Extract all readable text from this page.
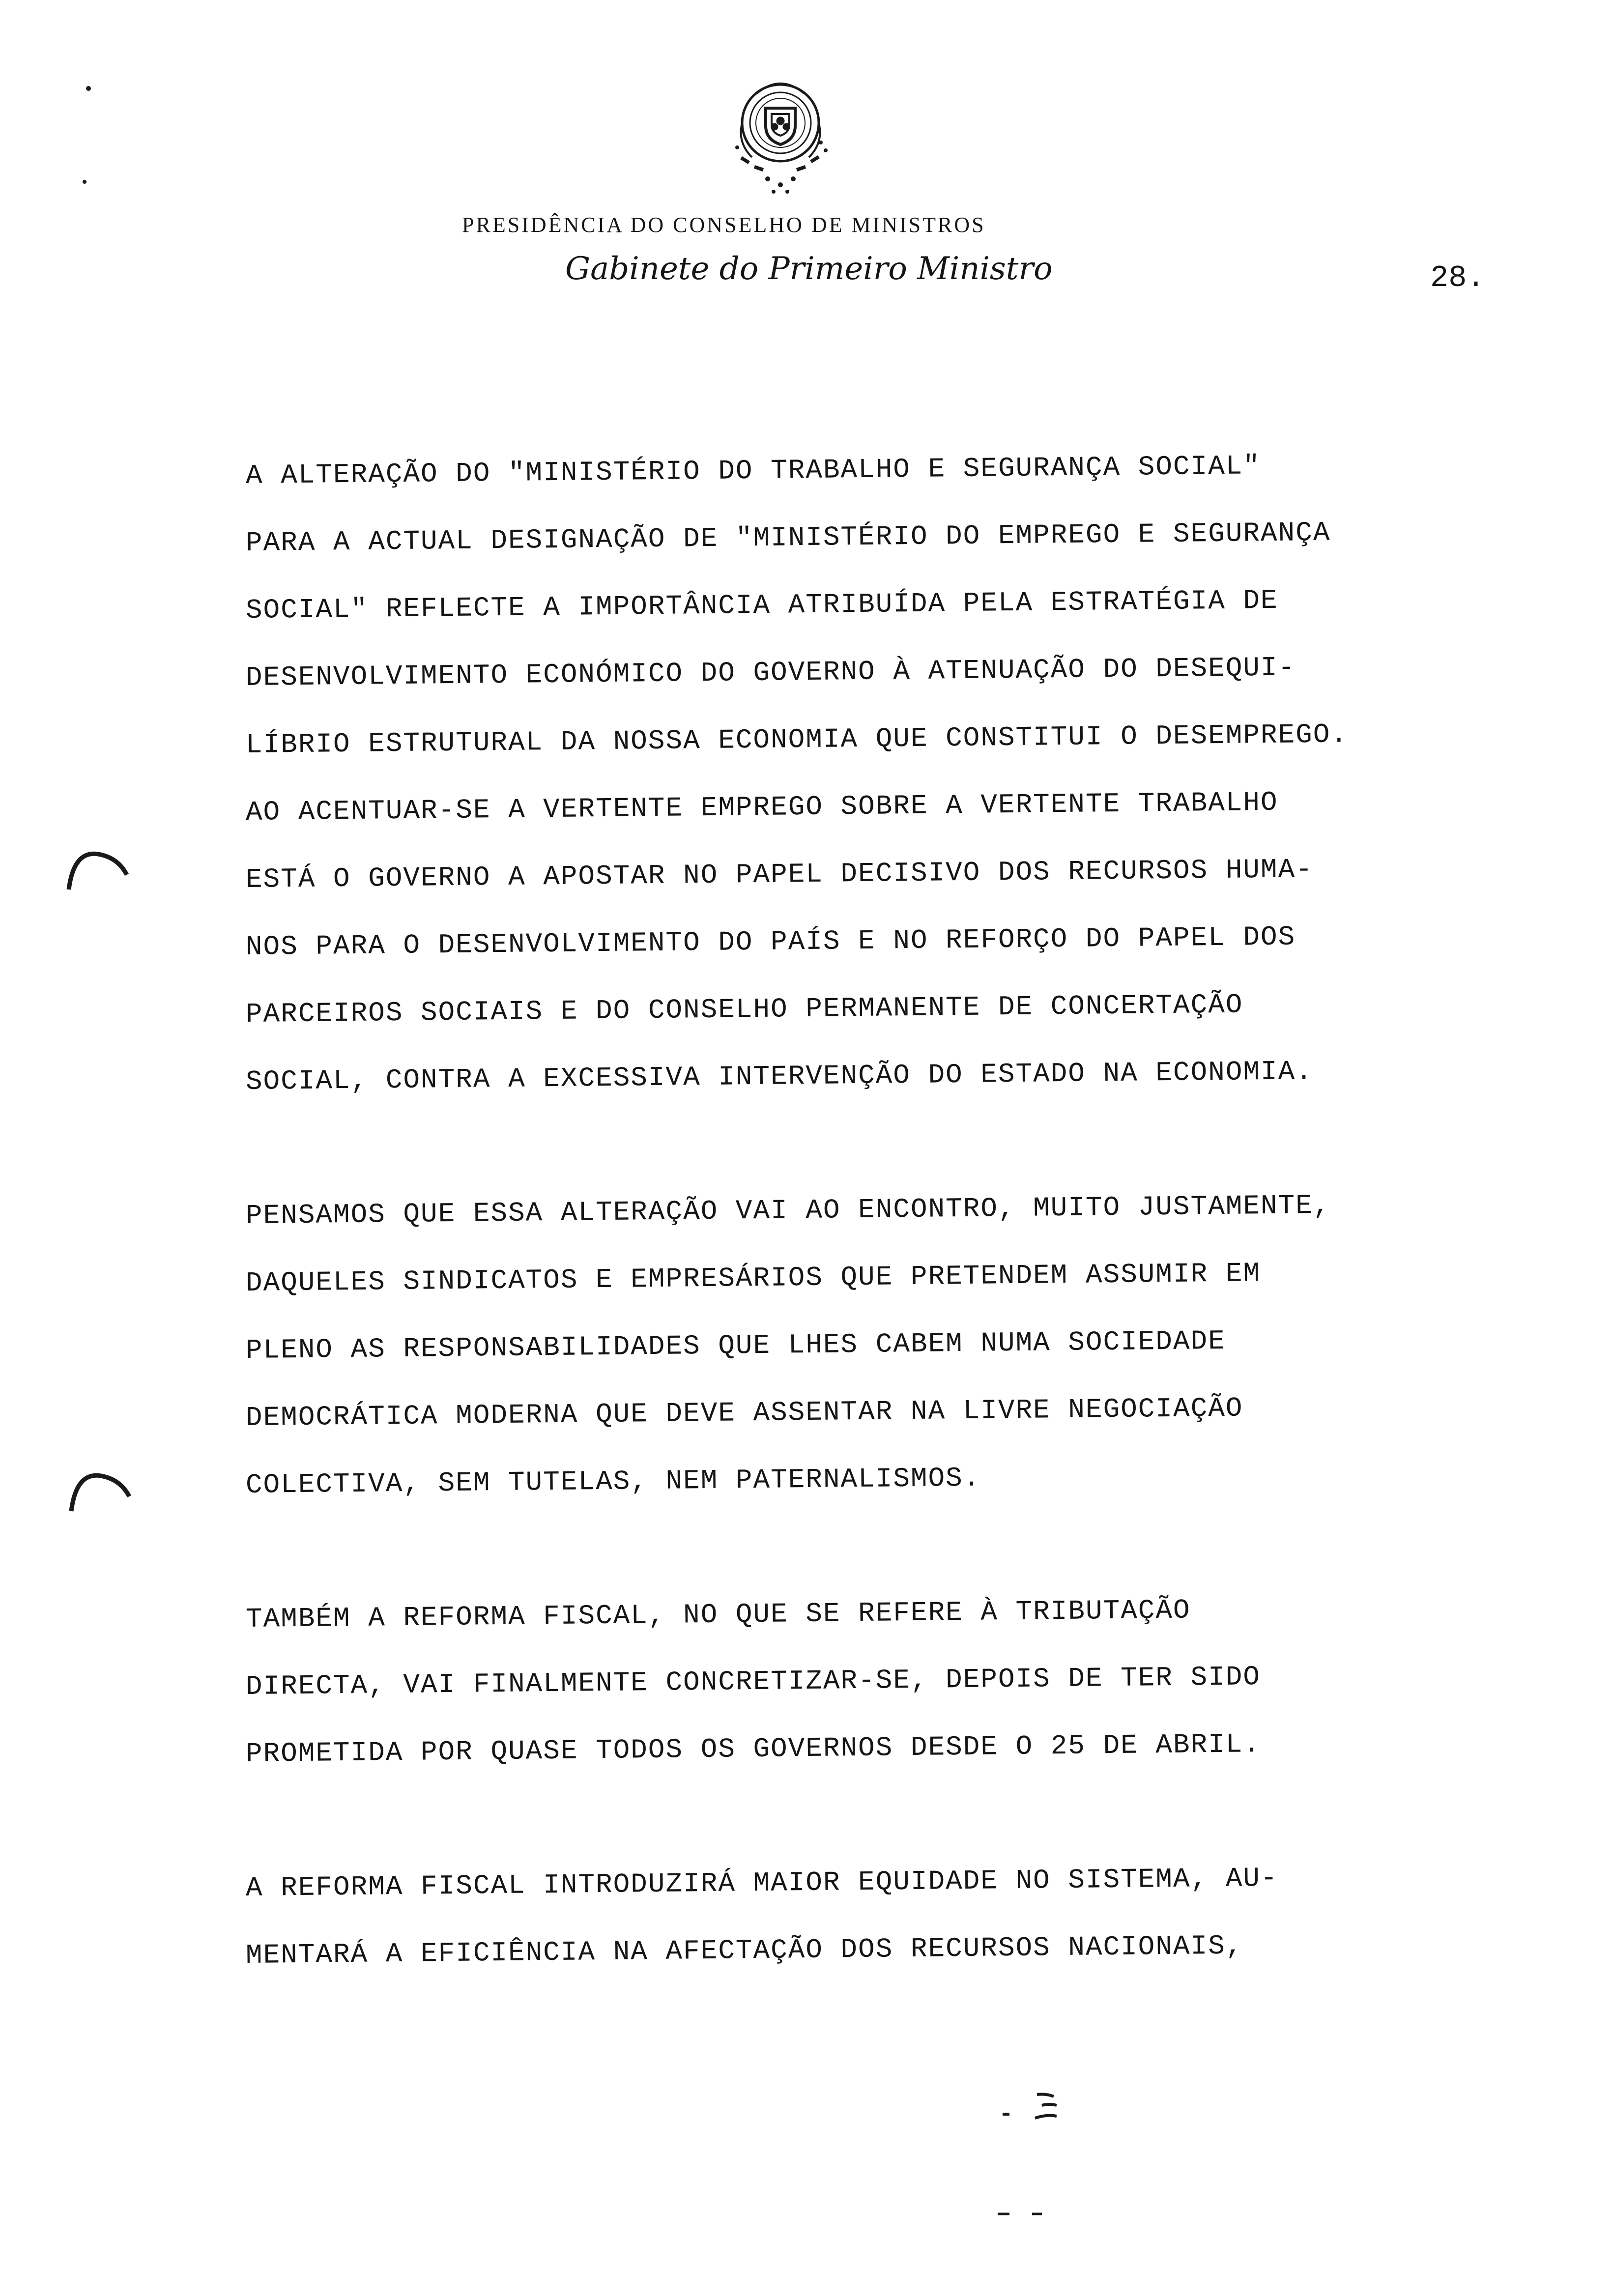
PRESIDÊNCIA DO CONSELHO DE MINISTROS
Gabinete do Primeiro Ministro	28.

A ALTERAÇÃO DO "MINISTÉRIO DO TRABALHO E SEGURANÇA SOCIAL"
PARA A ACTUAL DESIGNAÇÃO DE "MINISTÉRIO DO EMPREGO E SEGURANÇA
SOCIAL" REFLECTE A IMPORTÂNCIA ATRIBUÍDA PELA ESTRATÉGIA DE
DESENVOLVIMENTO ECONÓMICO DO GOVERNO À ATENUAÇÃO DO DESEQUI-
LÍBRIO ESTRUTURAL DA NOSSA ECONOMIA QUE CONSTITUI O DESEMPREGO.
AO ACENTUAR-SE A VERTENTE EMPREGO SOBRE A VERTENTE TRABALHO
ESTÁ O GOVERNO A APOSTAR NO PAPEL DECISIVO DOS RECURSOS HUMA-
NOS PARA O DESENVOLVIMENTO DO PAÍS E NO REFORÇO DO PAPEL DOS
PARCEIROS SOCIAIS E DO CONSELHO PERMANENTE DE CONCERTAÇÃO
SOCIAL, CONTRA A EXCESSIVA INTERVENÇÃO DO ESTADO NA ECONOMIA.

PENSAMOS QUE ESSA ALTERAÇÃO VAI AO ENCONTRO, MUITO JUSTAMENTE,
DAQUELES SINDICATOS E EMPRESÁRIOS QUE PRETENDEM ASSUMIR EM
PLENO AS RESPONSABILIDADES QUE LHES CABEM NUMA SOCIEDADE
DEMOCRÁTICA MODERNA QUE DEVE ASSENTAR NA LIVRE NEGOCIAÇÃO
COLECTIVA, SEM TUTELAS, NEM PATERNALISMOS.

TAMBÉM A REFORMA FISCAL, NO QUE SE REFERE À TRIBUTAÇÃO
DIRECTA, VAI FINALMENTE CONCRETIZAR-SE, DEPOIS DE TER SIDO
PROMETIDA POR QUASE TODOS OS GOVERNOS DESDE O 25 DE ABRIL.

A REFORMA FISCAL INTRODUZIRÁ MAIOR EQUIDADE NO SISTEMA, AU-
MENTARÁ A EFICIÊNCIA NA AFECTAÇÃO DOS RECURSOS NACIONAIS,
